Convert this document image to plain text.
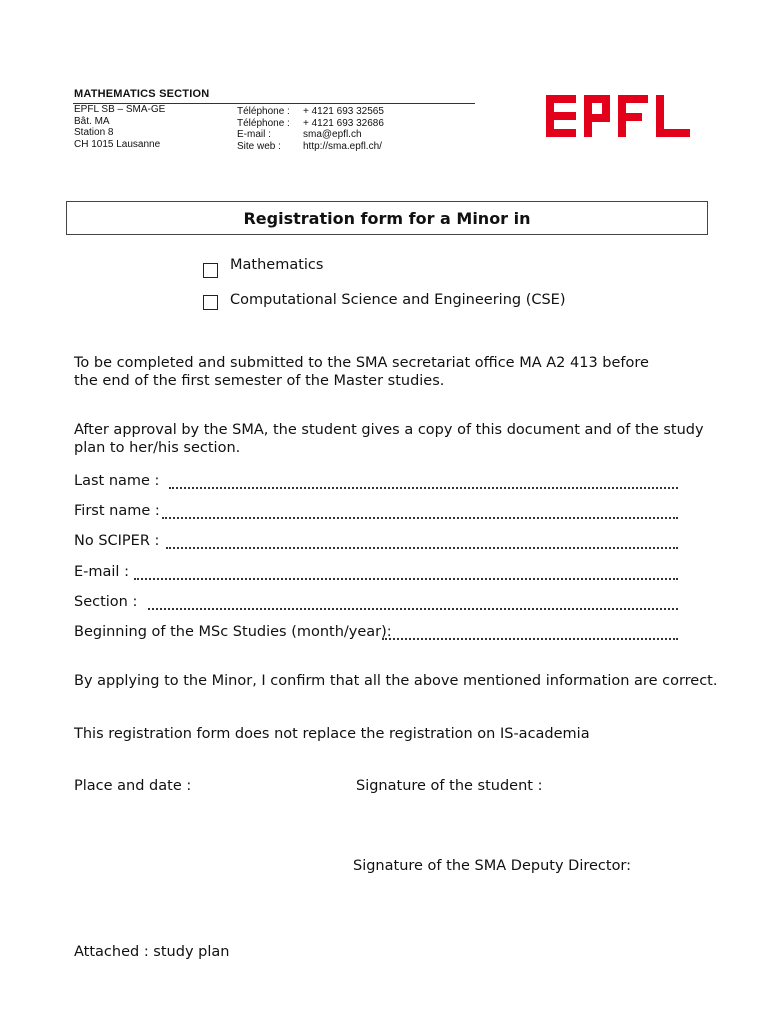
MATHEMATICS SECTION
EPFL SB – SMA-GE
Bât. MA
Station 8
CH 1015 Lausanne
Téléphone :
Téléphone :
E-mail :
Site web :
+ 4121 693 32565
+ 4121 693 32686
sma@epfl.ch
http://sma.epfl.ch/
Registration form for a Minor in
Mathematics
Computational Science and Engineering (CSE)
To be completed and submitted to the SMA secretariat office MA A2 413 before
the end of the first semester of the Master studies.
After approval by the SMA, the student gives a copy of this document and of the study
plan to her/his section.
Last name :
First name :
No SCIPER :
E-mail :
Section :
Beginning of the MSc Studies (month/year):
By applying to the Minor, I confirm that all the above mentioned information are correct.
This registration form does not replace the registration on IS-academia
Place and date :	Signature of the student :
Signature of the SMA Deputy Director:
Attached : study plan
